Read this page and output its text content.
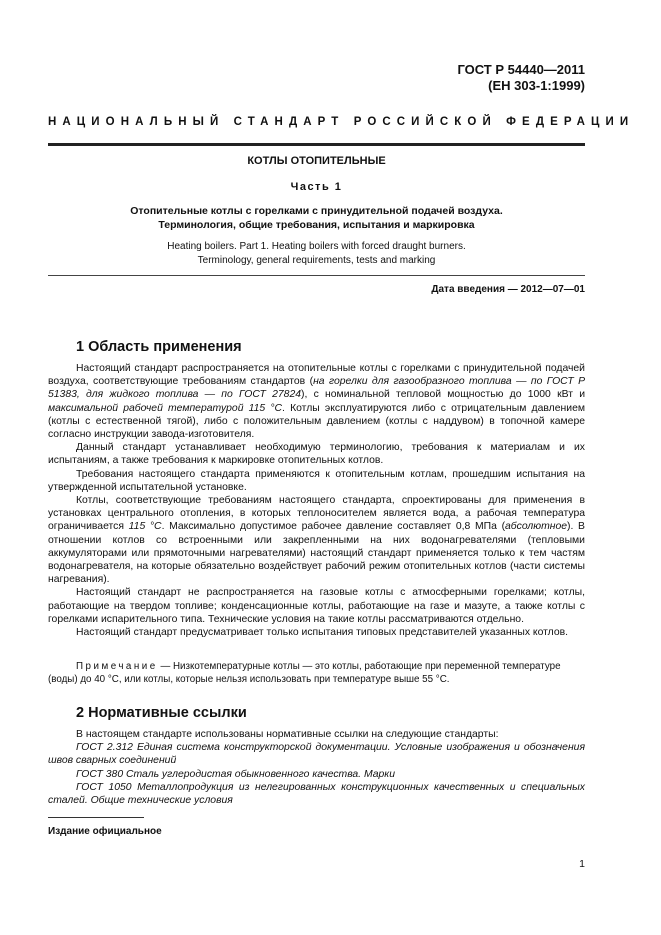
ГОСТ Р 54440—2011
(ЕН 303-1:1999)
НАЦИОНАЛЬНЫЙ СТАНДАРТ РОССИЙСКОЙ ФЕДЕРАЦИИ
КОТЛЫ ОТОПИТЕЛЬНЫЕ
Часть 1
Отопительные котлы с горелками с принудительной подачей воздуха.
Терминология, общие требования, испытания и маркировка
Heating boilers. Part 1. Heating boilers with forced draught burners.
Terminology, general requirements, tests and marking
Дата введения — 2012—07—01
1 Область применения

Настоящий стандарт распространяется на отопительные котлы с горелками с принудительной подачей воздуха, соответствующие требованиям стандартов (на горелки для газообразного топлива — по ГОСТ Р 51383, для жидкого топлива — по ГОСТ 27824), с номинальной тепловой мощностью до 1000 кВт и максимальной рабочей температурой 115 °С. Котлы эксплуатируются либо с отрицательным давлением (котлы с естественной тягой), либо с положительным давлением (котлы с наддувом) в топочной камере согласно инструкции завода-изготовителя.

Данный стандарт устанавливает необходимую терминологию, требования к материалам и их испытаниям, а также требования к маркировке отопительных котлов.

Требования настоящего стандарта применяются к отопительным котлам, прошедшим испытания на утвержденной испытательной установке.

Котлы, соответствующие требованиям настоящего стандарта, спроектированы для применения в установках центрального отопления, в которых теплоносителем является вода, а рабочая температура ограничивается 115 °С. Максимально допустимое рабочее давление составляет 0,8 МПа (абсолютное). В отношении котлов со встроенными или закрепленными на них водонагревателями (тепловыми аккумуляторами или прямоточными нагревателями) настоящий стандарт применяется только к тем частям водонагревателя, на которые обязательно воздействует рабочий режим отопительных котлов (части системы нагревания).

Настоящий стандарт не распространяется на газовые котлы с атмосферными горелками; котлы, работающие на твердом топливе; конденсационные котлы, работающие на газе и мазуте, а также котлы с горелками испарительного типа. Технические условия на такие котлы рассматриваются отдельно.

Настоящий стандарт предусматривает только испытания типовых представителей указанных котлов.

Примечание — Низкотемпературные котлы — это котлы, работающие при переменной температуре (воды) до 40 °С, или котлы, которые нельзя использовать при температуре выше 55 °С.

2 Нормативные ссылки

В настоящем стандарте использованы нормативные ссылки на следующие стандарты:

ГОСТ 2.312 Единая система конструкторской документации. Условные изображения и обозначения швов сварных соединений

ГОСТ 380 Сталь углеродистая обыкновенного качества. Марки

ГОСТ 1050 Металлопродукция из нелегированных конструкционных качественных и специальных сталей. Общие технические условия

Издание официальное
1
